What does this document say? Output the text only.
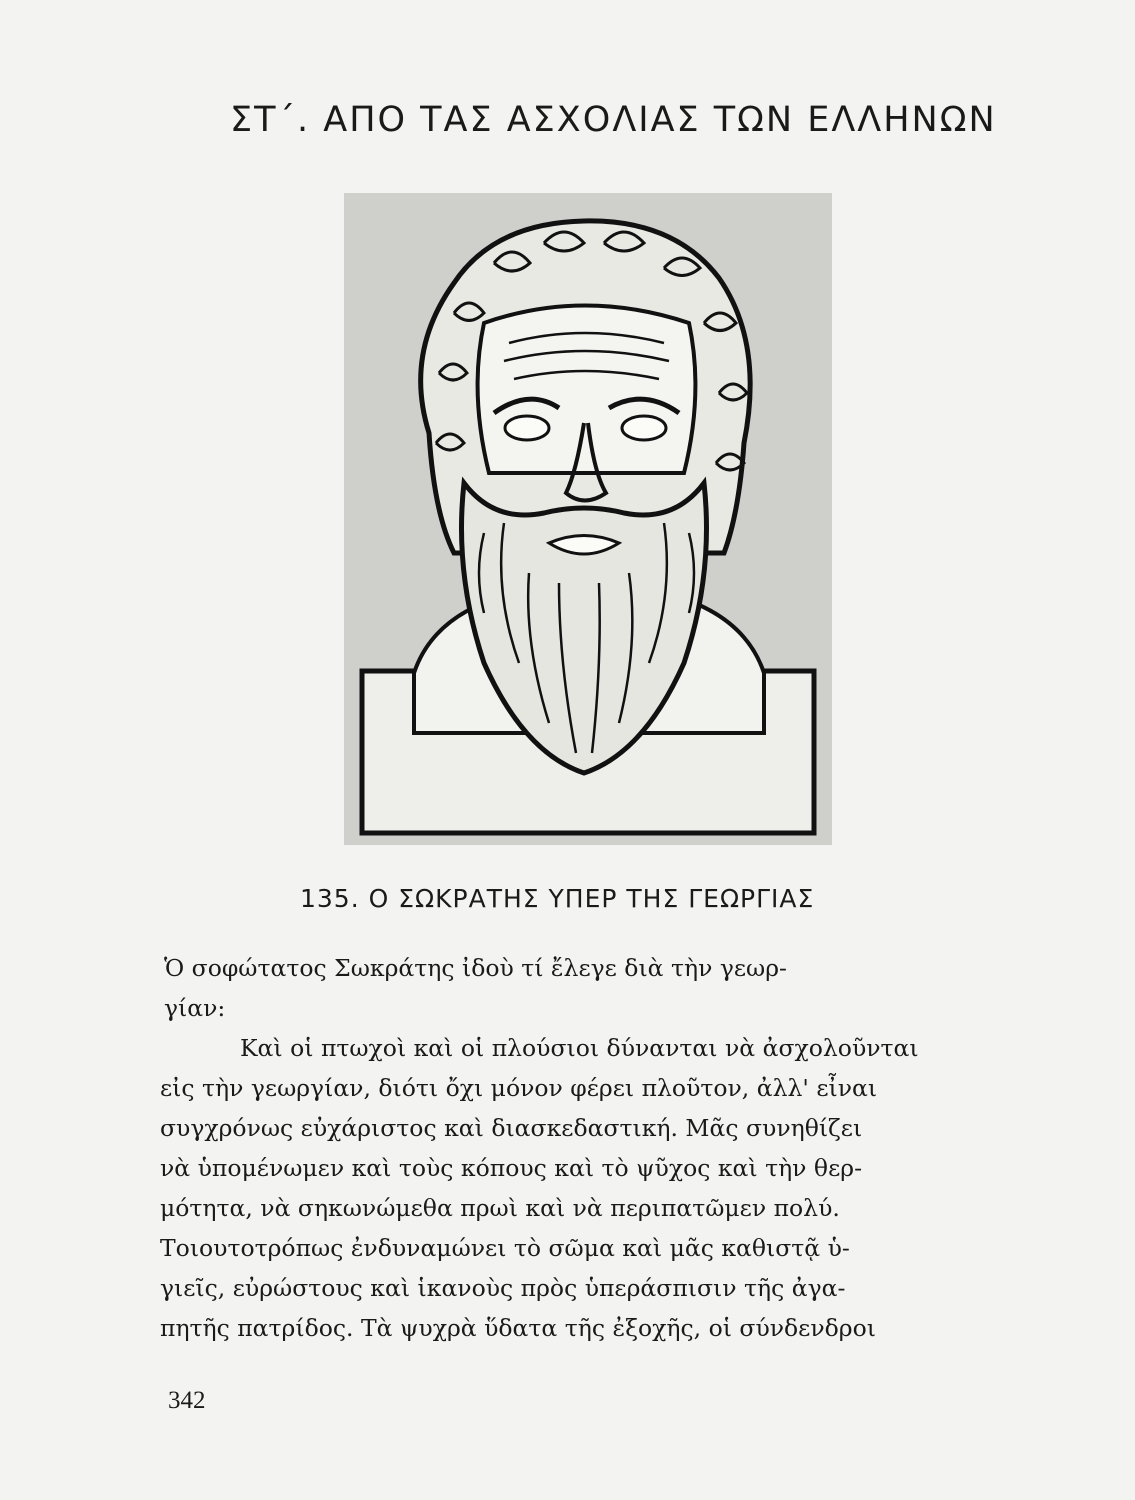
ΣΤ΄. ΑΠΟ ΤΑΣ ΑΣΧΟΛΙΑΣ ΤΩΝ ΕΛΛΗΝΩΝ
135. Ο ΣΩΚΡΑΤΗΣ ΥΠΕΡ ΤΗΣ ΓΕΩΡΓΙΑΣ
Ὁ σοφώτατος Σωκράτης ἰδοὺ τί ἔλεγε διὰ τὴν γεωρ-
γίαν:
Καὶ οἱ πτωχοὶ καὶ οἱ πλούσιοι δύνανται νὰ ἀσχολοῦνται
εἰς τὴν γεωργίαν, διότι ὄχι μόνον φέρει πλοῦτον, ἀλλ' εἶναι
συγχρόνως εὐχάριστος καὶ διασκεδαστική. Μᾶς συνηθίζει
νὰ ὑπομένωμεν καὶ τοὺς κόπους καὶ τὸ ψῦχος καὶ τὴν θερ-
μότητα, νὰ σηκωνώμεθα πρωὶ καὶ νὰ περιπατῶμεν πολύ.
Τοιουτοτρόπως ἐνδυναμώνει τὸ σῶμα καὶ μᾶς καθιστᾷ ὑ-
γιεῖς, εὐρώστους καὶ ἱκανοὺς πρὸς ὑπεράσπισιν τῆς ἀγα-
πητῆς πατρίδος. Τὰ ψυχρὰ ὕδατα τῆς ἐξοχῆς, οἱ σύνδενδροι
342
